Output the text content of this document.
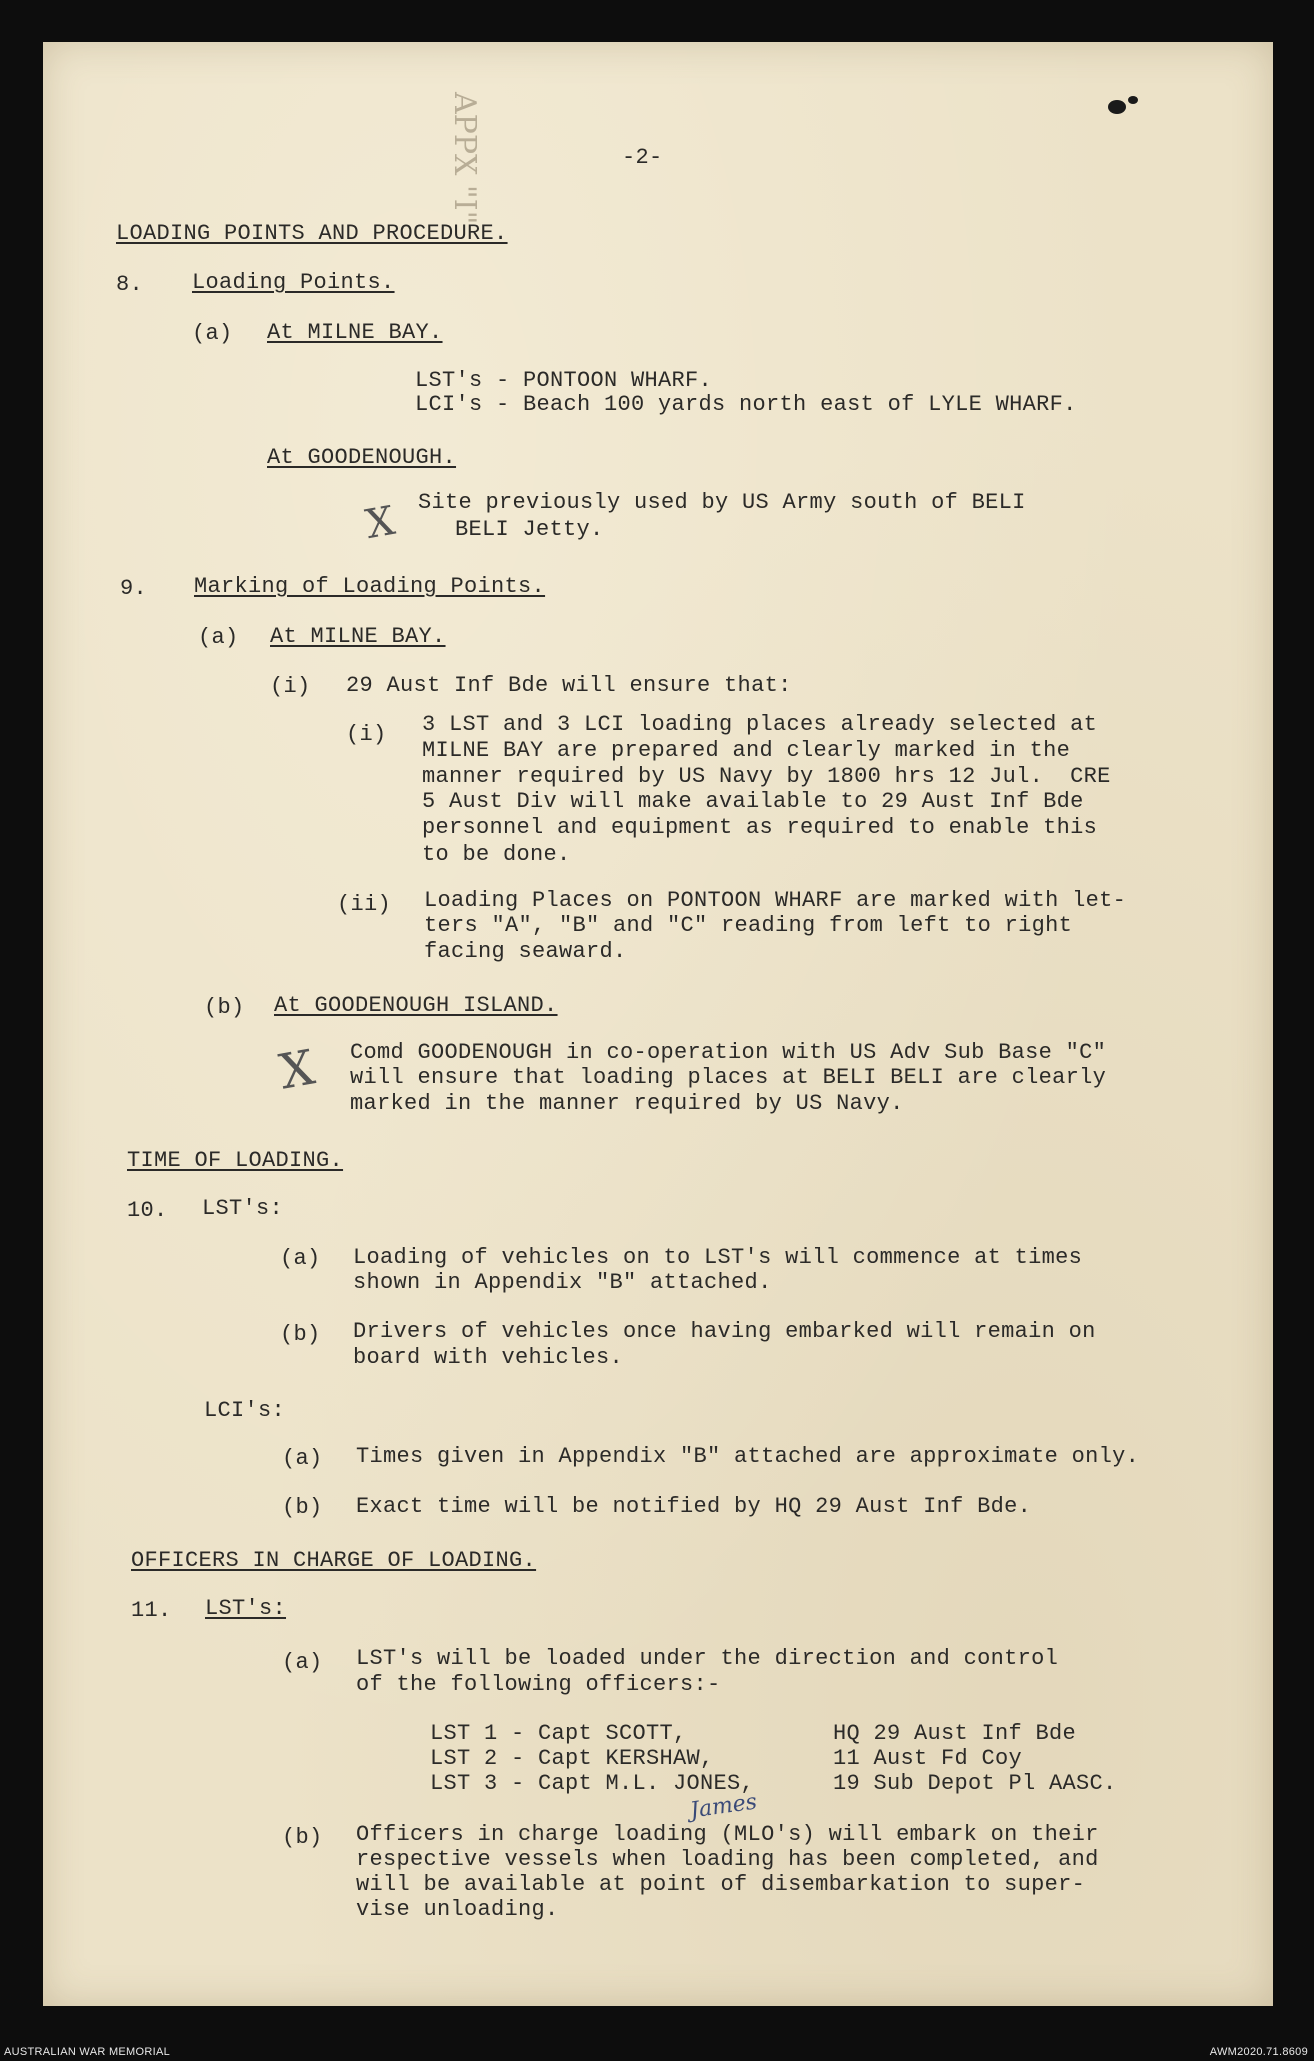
APPX "I"	-2-
LOADING POINTS AND PROCEDURE.
8. Loading Points.
(a) At MILNE BAY.
LST's - PONTOON WHARF.
LCI's - Beach 100 yards north east of LYLE WHARF.
At GOODENOUGH.
X Site previously used by US Army south of BELI
BELI Jetty.
9. Marking of Loading Points.
(a) At MILNE BAY.
(i) 29 Aust Inf Bde will ensure that:
(i) 3 LST and 3 LCI loading places already selected at
MILNE BAY are prepared and clearly marked in the
manner required by US Navy by 1800 hrs 12 Jul.  CRE
5 Aust Div will make available to 29 Aust Inf Bde
personnel and equipment as required to enable this
to be done.
(ii) Loading Places on PONTOON WHARF are marked with let-
ters "A", "B" and "C" reading from left to right
facing seaward.
(b) At GOODENOUGH ISLAND.
X Comd GOODENOUGH in co-operation with US Adv Sub Base "C"
will ensure that loading places at BELI BELI are clearly
marked in the manner required by US Navy.
TIME OF LOADING.
10. LST's:
(a) Loading of vehicles on to LST's will commence at times
shown in Appendix "B" attached.
(b) Drivers of vehicles once having embarked will remain on
board with vehicles.
LCI's:
(a) Times given in Appendix "B" attached are approximate only.
(b) Exact time will be notified by HQ 29 Aust Inf Bde.
OFFICERS IN CHARGE OF LOADING.
11. LST's:
(a) LST's will be loaded under the direction and control
of the following officers:-
LST 1 - Capt SCOTT,	HQ 29 Aust Inf Bde
LST 2 - Capt KERSHAW,	11 Aust Fd Coy
LST 3 - Capt M.L. JONES,	19 Sub Depot Pl AASC.
James
(b) Officers in charge loading (MLO's) will embark on their
respective vessels when loading has been completed, and
will be available at point of disembarkation to super-
vise unloading.
AUSTRALIAN WAR MEMORIAL	AWM2020.71.8609
